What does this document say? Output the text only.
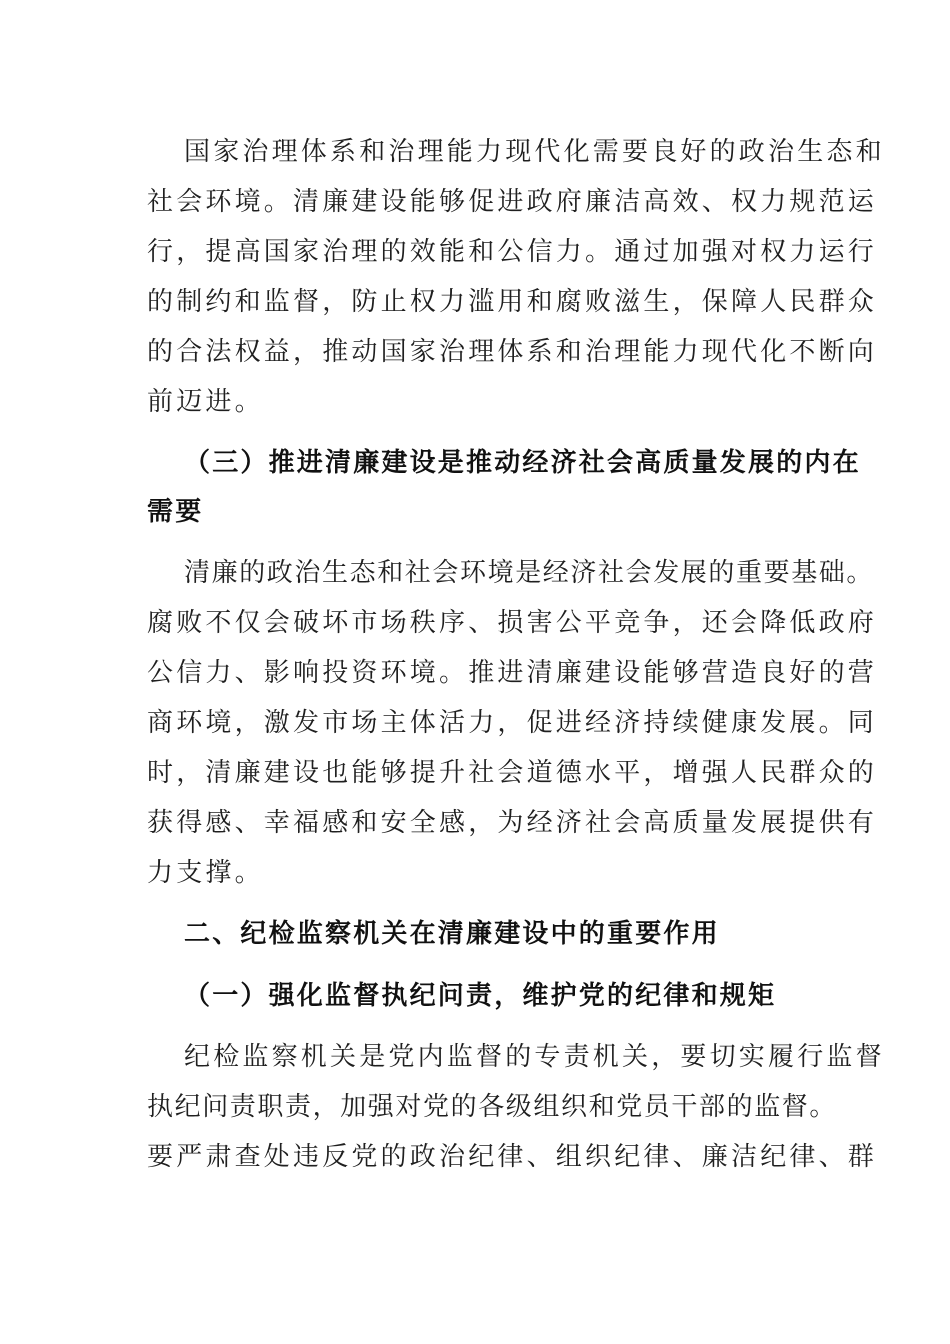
国家治理体系和治理能力现代化需要良好的政治生态和
社会环境。清廉建设能够促进政府廉洁高效、权力规范运
行，提高国家治理的效能和公信力。通过加强对权力运行
的制约和监督，防止权力滥用和腐败滋生，保障人民群众
的合法权益，推动国家治理体系和治理能力现代化不断向
前迈进。
（三）推进清廉建设是推动经济社会高质量发展的内在
需要
清廉的政治生态和社会环境是经济社会发展的重要基础。
腐败不仅会破坏市场秩序、损害公平竞争，还会降低政府
公信力、影响投资环境。推进清廉建设能够营造良好的营
商环境，激发市场主体活力，促进经济持续健康发展。同
时，清廉建设也能够提升社会道德水平，增强人民群众的
获得感、幸福感和安全感，为经济社会高质量发展提供有
力支撑。
二、纪检监察机关在清廉建设中的重要作用
（一）强化监督执纪问责，维护党的纪律和规矩
纪检监察机关是党内监督的专责机关，要切实履行监督
执纪问责职责，加强对党的各级组织和党员干部的监督。
要严肃查处违反党的政治纪律、组织纪律、廉洁纪律、群
